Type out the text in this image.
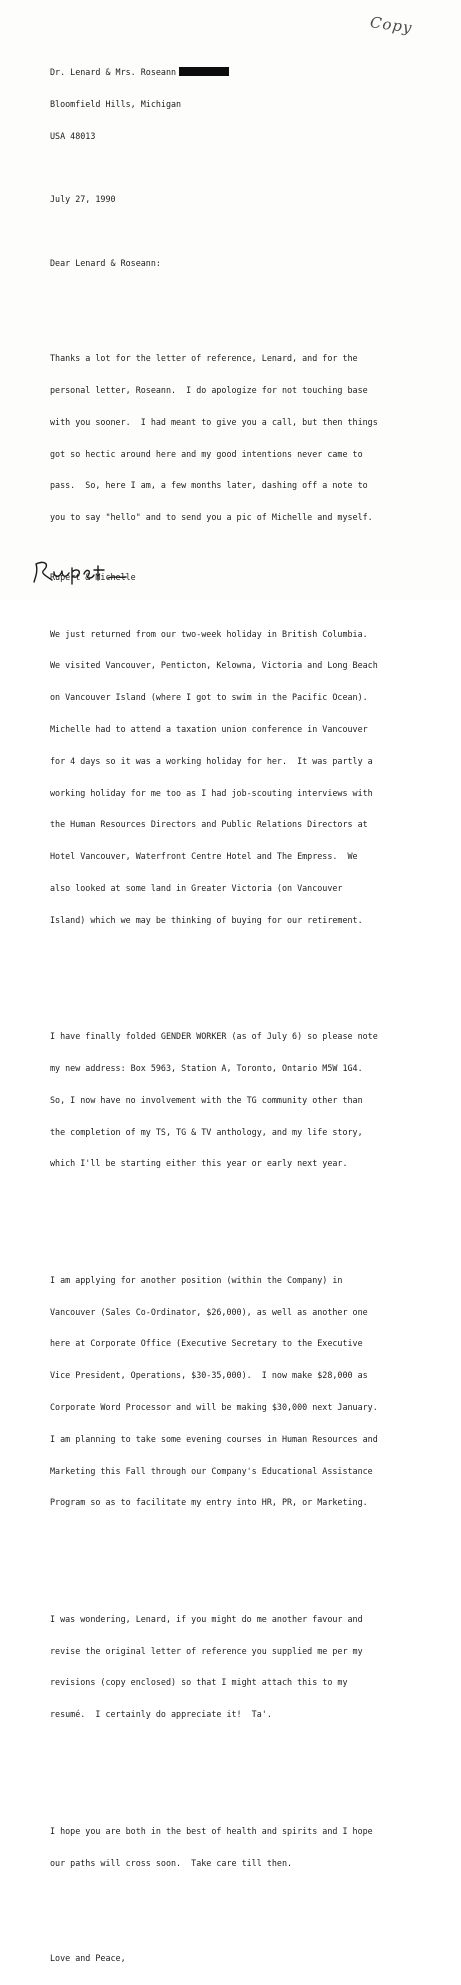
Copy

Dr. Lenard & Mrs. Roseann

Bloomfield Hills, Michigan

USA 48013

July 27, 1990

Dear Lenard & Roseann:

Thanks a lot for the letter of reference, Lenard, and for the

personal letter, Roseann.  I do apologize for not touching base

with you sooner.  I had meant to give you a call, but then things

got so hectic around here and my good intentions never came to

pass.  So, here I am, a few months later, dashing off a note to

you to say "hello" and to send you a pic of Michelle and myself.

We just returned from our two-week holiday in British Columbia.

We visited Vancouver, Penticton, Kelowna, Victoria and Long Beach

on Vancouver Island (where I got to swim in the Pacific Ocean).

Michelle had to attend a taxation union conference in Vancouver

for 4 days so it was a working holiday for her.  It was partly a

working holiday for me too as I had job-scouting interviews with

the Human Resources Directors and Public Relations Directors at

Hotel Vancouver, Waterfront Centre Hotel and The Empress.  We

also looked at some land in Greater Victoria (on Vancouver

Island) which we may be thinking of buying for our retirement.

I have finally folded GENDER WORKER (as of July 6) so please note

my new address: Box 5963, Station A, Toronto, Ontario M5W 1G4.

So, I now have no involvement with the TG community other than

the completion of my TS, TG & TV anthology, and my life story,

which I'll be starting either this year or early next year.

I am applying for another position (within the Company) in

Vancouver (Sales Co-Ordinator, $26,000), as well as another one

here at Corporate Office (Executive Secretary to the Executive

Vice President, Operations, $30-35,000).  I now make $28,000 as

Corporate Word Processor and will be making $30,000 next January.

I am planning to take some evening courses in Human Resources and

Marketing this Fall through our Company's Educational Assistance

Program so as to facilitate my entry into HR, PR, or Marketing.

I was wondering, Lenard, if you might do me another favour and

revise the original letter of reference you supplied me per my

revisions (copy enclosed) so that I might attach this to my

resumé.  I certainly do appreciate it!  Ta'.

I hope you are both in the best of health and spirits and I hope

our paths will cross soon.  Take care till then.

Love and Peace,

Rupert & Michelle
